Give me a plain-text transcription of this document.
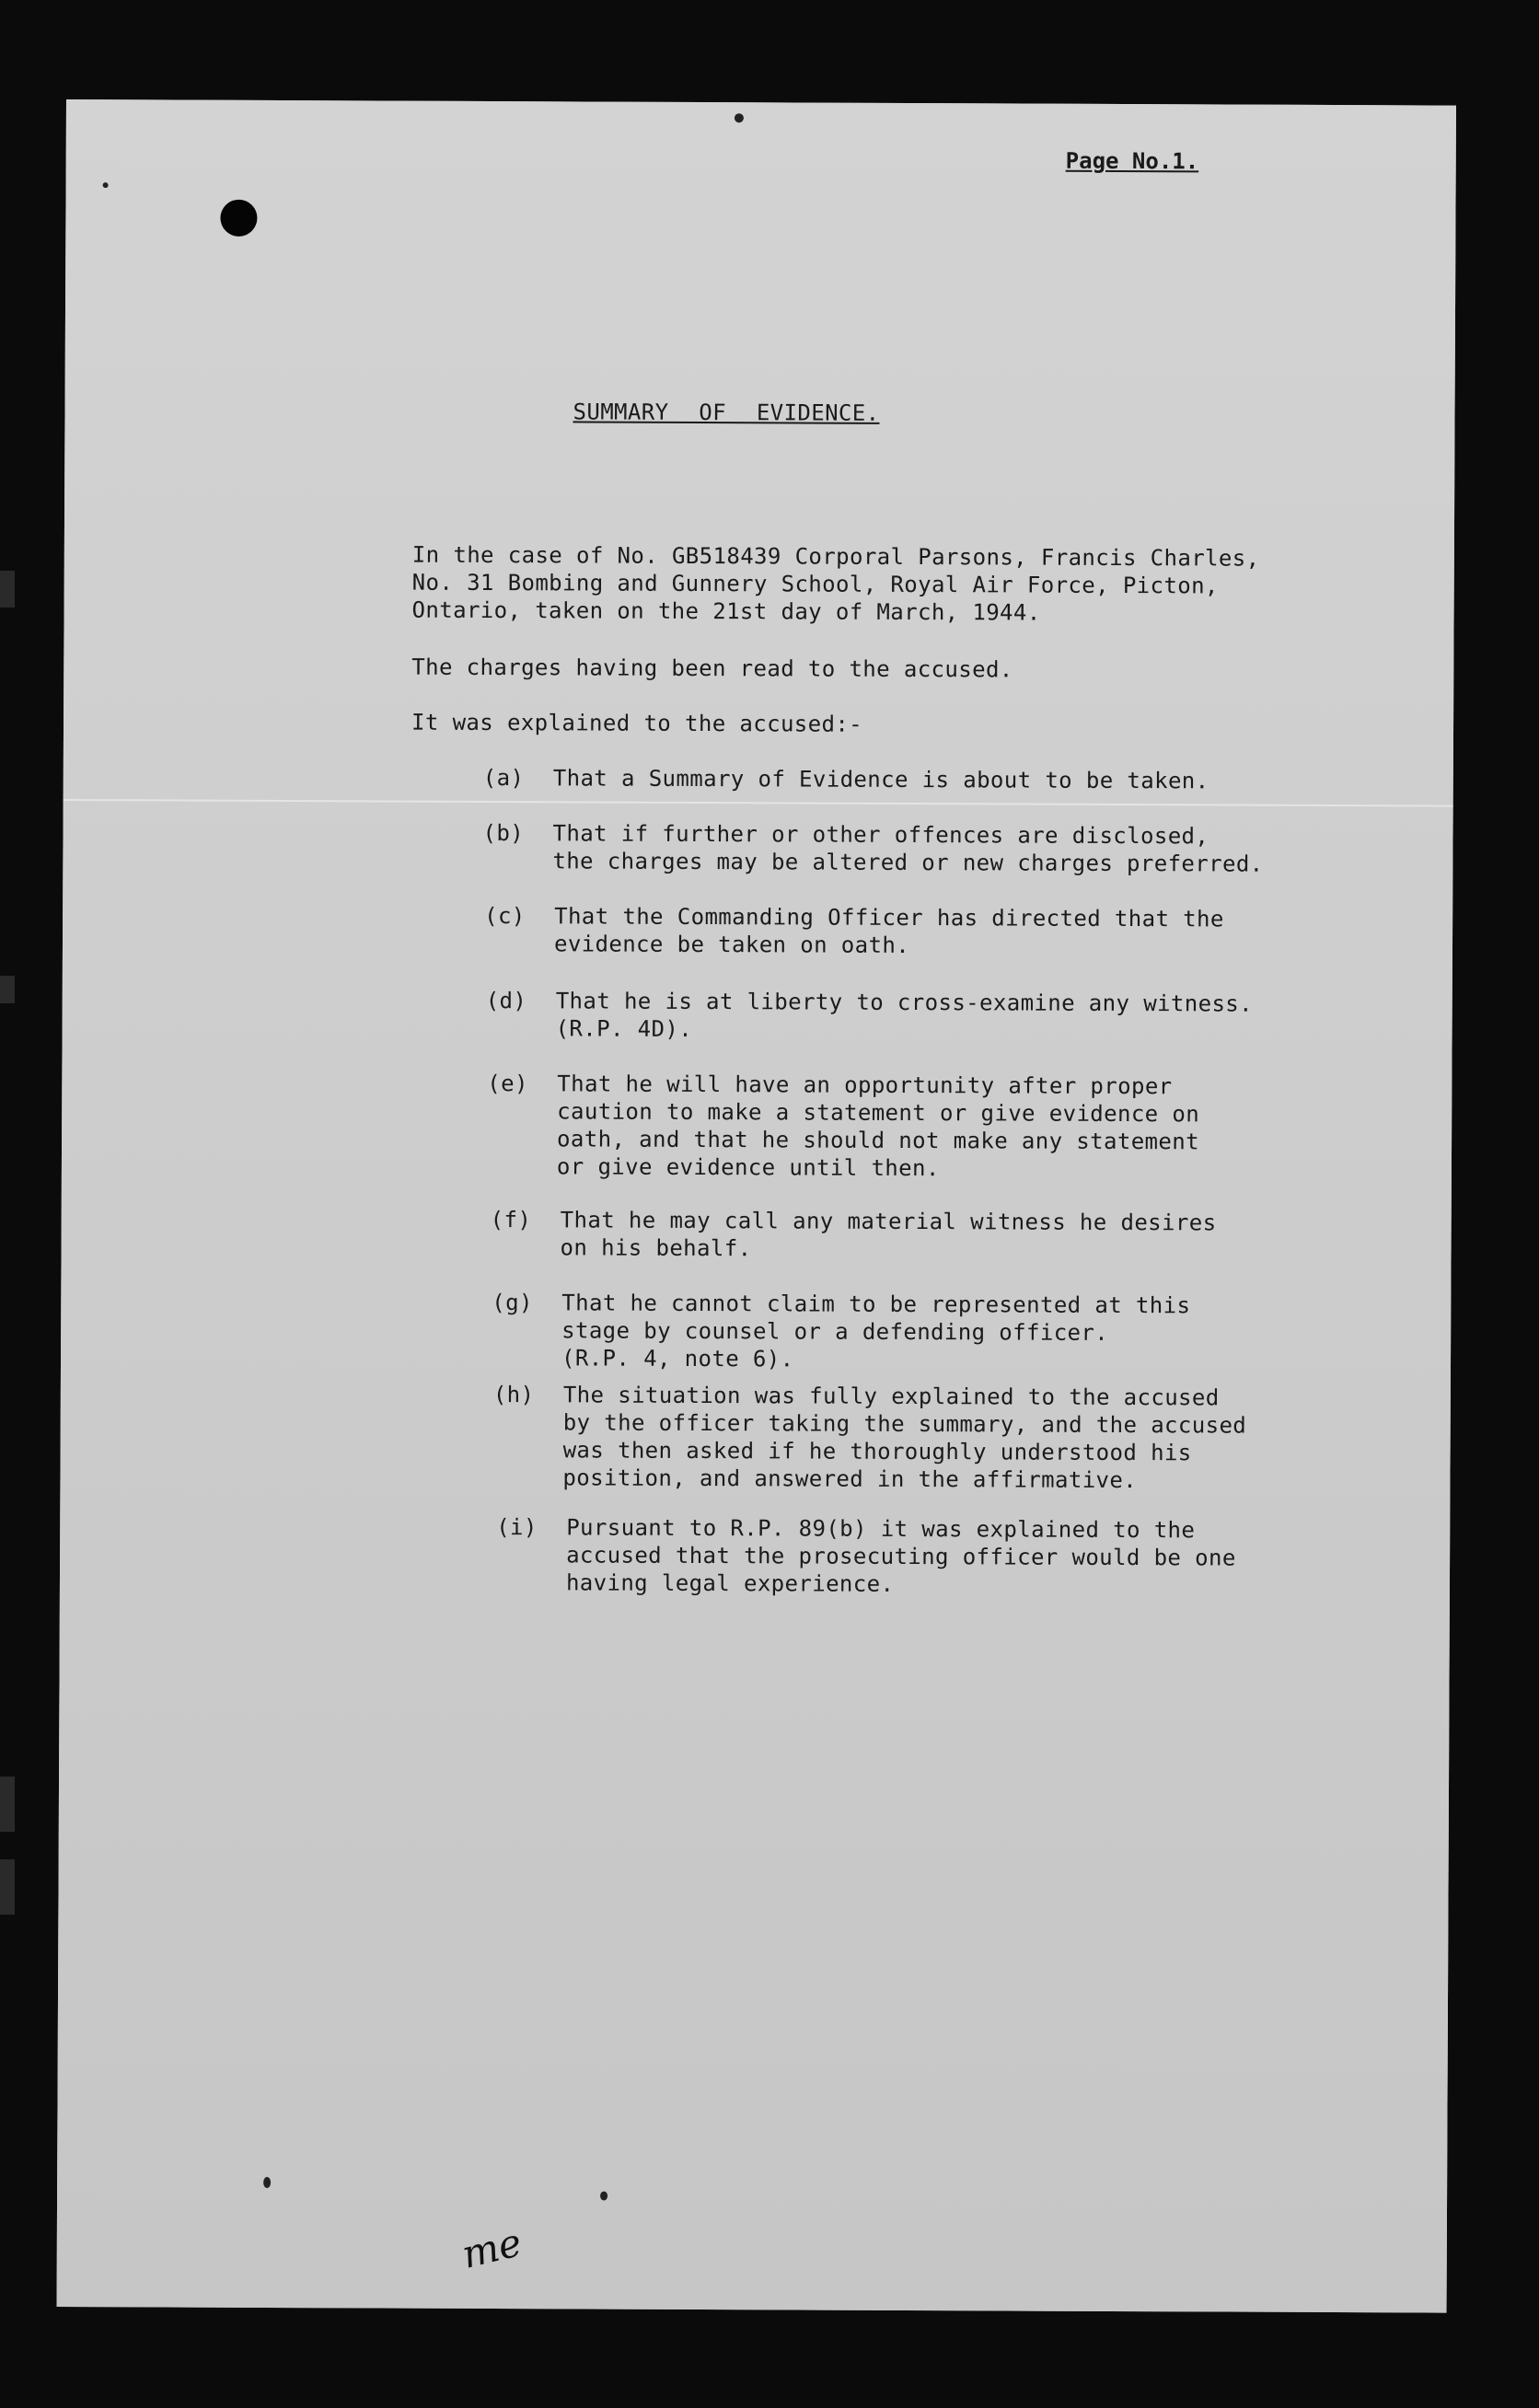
Page No.1.
SUMMARY OF EVIDENCE.
In the case of No. GB518439 Corporal Parsons, Francis Charles,
No. 31 Bombing and Gunnery School, Royal Air Force, Picton,
Ontario, taken on the 21st day of March, 1944.
The charges having been read to the accused.
It was explained to the accused:-
(a)	That a Summary of Evidence is about to be taken.
(b)	That if further or other offences are disclosed,
the charges may be altered or new charges preferred.
(c)	That the Commanding Officer has directed that the
evidence be taken on oath.
(d)	That he is at liberty to cross-examine any witness.
(R.P. 4D).
(e)	That he will have an opportunity after proper
caution to make a statement or give evidence on
oath, and that he should not make any statement
or give evidence until then.
(f)	That he may call any material witness he desires
on his behalf.
(g)	That he cannot claim to be represented at this
stage by counsel or a defending officer.
(R.P. 4, note 6).
(h)	The situation was fully explained to the accused
by the officer taking the summary, and the accused
was then asked if he thoroughly understood his
position, and answered in the affirmative.
(i)	Pursuant to R.P. 89(b) it was explained to the
accused that the prosecuting officer would be one
having legal experience.
me
